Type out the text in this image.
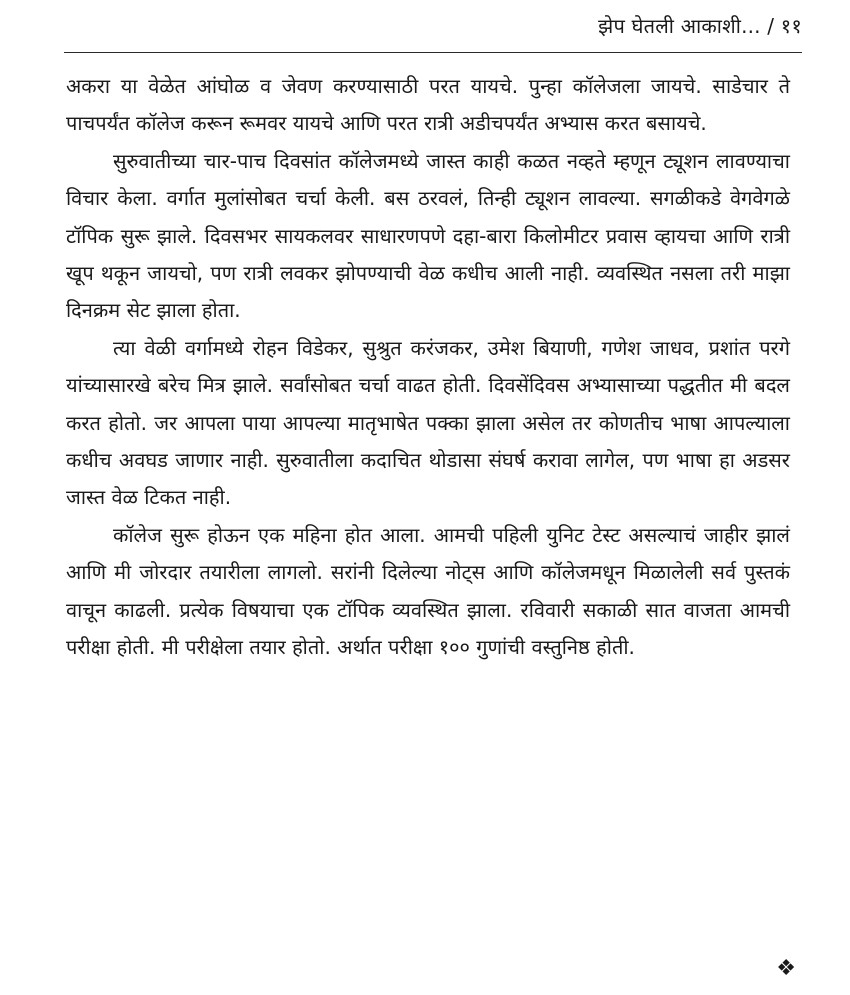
झेप घेतली आकाशी... / ११

अकरा या वेळेत आंघोळ व जेवण करण्यासाठी परत यायचे. पुन्हा कॉलेजला जायचे. साडेचार ते पाचपर्यंत कॉलेज करून रूमवर यायचे आणि परत रात्री अडीचपर्यंत अभ्यास करत बसायचे.

सुरुवातीच्या चार-पाच दिवसांत कॉलेजमध्ये जास्त काही कळत नव्हते म्हणून ट्यूशन लावण्याचा विचार केला. वर्गात मुलांसोबत चर्चा केली. बस ठरवलं, तिन्ही ट्यूशन लावल्या. सगळीकडे वेगवेगळे टॉपिक सुरू झाले. दिवसभर सायकलवर साधारणपणे दहा-बारा किलोमीटर प्रवास व्हायचा आणि रात्री खूप थकून जायचो, पण रात्री लवकर झोपण्याची वेळ कधीच आली नाही. व्यवस्थित नसला तरी माझा दिनक्रम सेट झाला होता.

त्या वेळी वर्गामध्ये रोहन विडेकर, सुश्रुत करंजकर, उमेश बियाणी, गणेश जाधव, प्रशांत परगे यांच्यासारखे बरेच मित्र झाले. सर्वांसोबत चर्चा वाढत होती. दिवसेंदिवस अभ्यासाच्या पद्धतीत मी बदल करत होतो. जर आपला पाया आपल्या मातृभाषेत पक्का झाला असेल तर कोणतीच भाषा आपल्याला कधीच अवघड जाणार नाही. सुरुवातीला कदाचित थोडासा संघर्ष करावा लागेल, पण भाषा हा अडसर जास्त वेळ टिकत नाही.

कॉलेज सुरू होऊन एक महिना होत आला. आमची पहिली युनिट टेस्ट असल्याचं जाहीर झालं आणि मी जोरदार तयारीला लागलो. सरांनी दिलेल्या नोट्स आणि कॉलेजमधून मिळालेली सर्व पुस्तकं वाचून काढली. प्रत्येक विषयाचा एक टॉपिक व्यवस्थित झाला. रविवारी सकाळी सात वाजता आमची परीक्षा होती. मी परीक्षेला तयार होतो. अर्थात परीक्षा १०० गुणांची वस्तुनिष्ठ होती.

❖
